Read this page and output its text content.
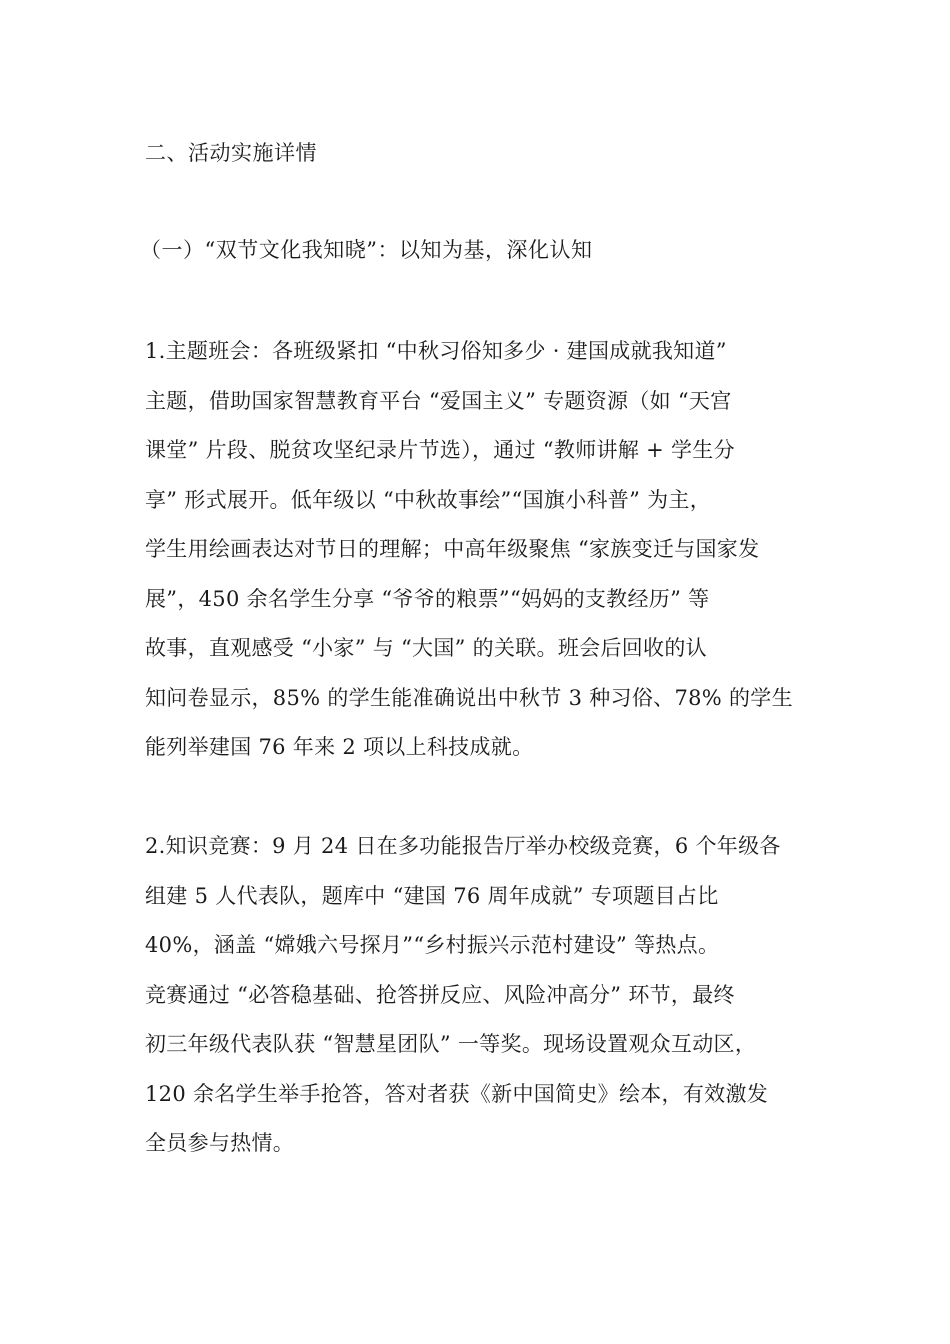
二、活动实施详情
（一）“双节文化我知晓”：以知为基，深化认知
1.主题班会：各班级紧扣 “中秋习俗知多少 · 建国成就我知道”
主题，借助国家智慧教育平台 “爱国主义” 专题资源（如 “天宫
课堂” 片段、脱贫攻坚纪录片节选），通过 “教师讲解 + 学生分
享” 形式展开。低年级以 “中秋故事绘”“国旗小科普” 为主，
学生用绘画表达对节日的理解；中高年级聚焦 “家族变迁与国家发
展”，450 余名学生分享 “爷爷的粮票”“妈妈的支教经历” 等
故事，直观感受 “小家” 与 “大国” 的关联。班会后回收的认
知问卷显示，85% 的学生能准确说出中秋节 3 种习俗、78% 的学生
能列举建国 76 年来 2 项以上科技成就。
2.知识竞赛：9 月 24 日在多功能报告厅举办校级竞赛，6 个年级各
组建 5 人代表队，题库中 “建国 76 周年成就” 专项题目占比
40%，涵盖 “嫦娥六号探月”“乡村振兴示范村建设” 等热点。
竞赛通过 “必答稳基础、抢答拼反应、风险冲高分” 环节，最终
初三年级代表队获 “智慧星团队” 一等奖。现场设置观众互动区，
120 余名学生举手抢答，答对者获《新中国简史》绘本，有效激发
全员参与热情。
